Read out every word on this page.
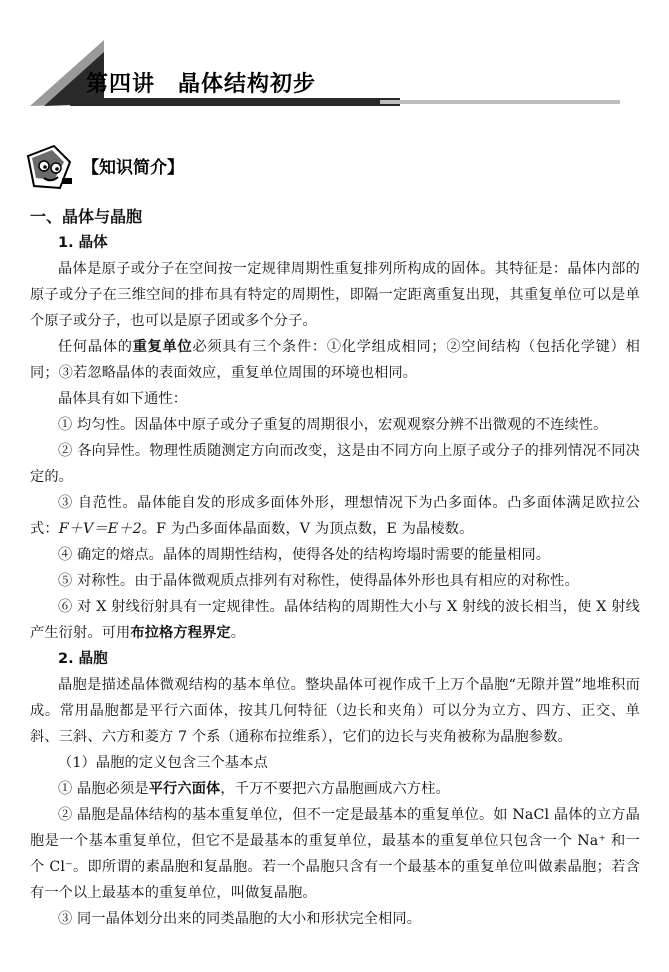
第四讲　晶体结构初步
【知识简介】

一、晶体与晶胞

1. 晶体

晶体是原子或分子在空间按一定规律周期性重复排列所构成的固体。其特征是：晶体内部的原子或分子在三维空间的排布具有特定的周期性，即隔一定距离重复出现，其重复单位可以是单个原子或分子，也可以是原子团或多个分子。

任何晶体的重复单位必须具有三个条件：①化学组成相同；②空间结构（包括化学键）相同；③若忽略晶体的表面效应，重复单位周围的环境也相同。

晶体具有如下通性：

① 均匀性。因晶体中原子或分子重复的周期很小，宏观观察分辨不出微观的不连续性。

② 各向异性。物理性质随测定方向而改变，这是由不同方向上原子或分子的排列情况不同决定的。

③ 自范性。晶体能自发的形成多面体外形，理想情况下为凸多面体。凸多面体满足欧拉公式：F＋V＝E＋2。F 为凸多面体晶面数，V 为顶点数，E 为晶棱数。

④ 确定的熔点。晶体的周期性结构，使得各处的结构垮塌时需要的能量相同。

⑤ 对称性。由于晶体微观质点排列有对称性，使得晶体外形也具有相应的对称性。

⑥ 对 X 射线衍射具有一定规律性。晶体结构的周期性大小与 X 射线的波长相当，使 X 射线产生衍射。可用布拉格方程界定。

2. 晶胞

晶胞是描述晶体微观结构的基本单位。整块晶体可视作成千上万个晶胞“无隙并置”地堆积而成。常用晶胞都是平行六面体，按其几何特征（边长和夹角）可以分为立方、四方、正交、单斜、三斜、六方和菱方 7 个系（通称布拉维系），它们的边长与夹角被称为晶胞参数。

（1）晶胞的定义包含三个基本点

① 晶胞必须是平行六面体，千万不要把六方晶胞画成六方柱。

② 晶胞是晶体结构的基本重复单位，但不一定是最基本的重复单位。如 NaCl 晶体的立方晶胞是一个基本重复单位，但它不是最基本的重复单位，最基本的重复单位只包含一个 Na⁺ 和一个 Cl⁻。即所谓的素晶胞和复晶胞。若一个晶胞只含有一个最基本的重复单位叫做素晶胞；若含有一个以上最基本的重复单位，叫做复晶胞。

③ 同一晶体划分出来的同类晶胞的大小和形状完全相同。
